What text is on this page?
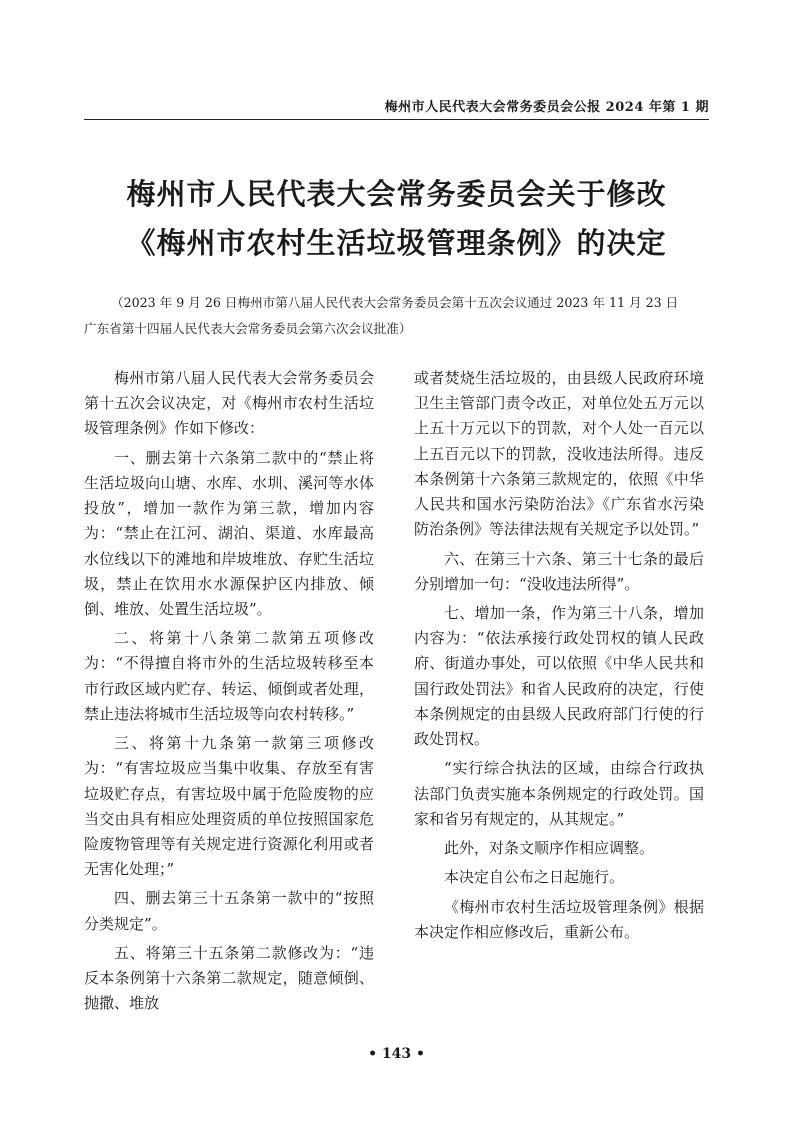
梅州市人民代表大会常务委员会公报 2024 年第 1 期
梅州市人民代表大会常务委员会关于修改
《梅州市农村生活垃圾管理条例》的决定
（2023 年 9 月 26 日梅州市第八届人民代表大会常务委员会第十五次会议通过 2023 年 11 月 23 日
广东省第十四届人民代表大会常务委员会第六次会议批准）

梅州市第八届人民代表大会常务委员会第十五次会议决定，对《梅州市农村生活垃圾管理条例》作如下修改：

一、删去第十六条第二款中的“禁止将生活垃圾向山塘、水库、水圳、溪河等水体投放”，增加一款作为第三款，增加内容为：“禁止在江河、湖泊、渠道、水库最高水位线以下的滩地和岸坡堆放、存贮生活垃圾，禁止在饮用水水源保护区内排放、倾倒、堆放、处置生活垃圾”。

二、将第十八条第二款第五项修改为：“不得擅自将市外的生活垃圾转移至本市行政区域内贮存、转运、倾倒或者处理，禁止违法将城市生活垃圾等向农村转移。”

三、将第十九条第一款第三项修改为：“有害垃圾应当集中收集、存放至有害垃圾贮存点，有害垃圾中属于危险废物的应当交由具有相应处理资质的单位按照国家危险废物管理等有关规定进行资源化利用或者无害化处理；”

四、删去第三十五条第一款中的“按照分类规定”。

五、将第三十五条第二款修改为：“违反本条例第十六条第二款规定，随意倾倒、抛撒、堆放

或者焚烧生活垃圾的，由县级人民政府环境卫生主管部门责令改正，对单位处五万元以上五十万元以下的罚款，对个人处一百元以上五百元以下的罚款，没收违法所得。违反本条例第十六条第三款规定的，依照《中华人民共和国水污染防治法》《广东省水污染防治条例》等法律法规有关规定予以处罚。”

六、在第三十六条、第三十七条的最后分别增加一句：“没收违法所得”。

七、增加一条，作为第三十八条，增加内容为：“依法承接行政处罚权的镇人民政府、街道办事处，可以依照《中华人民共和国行政处罚法》和省人民政府的决定，行使本条例规定的由县级人民政府部门行使的行政处罚权。

“实行综合执法的区域，由综合行政执法部门负责实施本条例规定的行政处罚。国家和省另有规定的，从其规定。”

此外，对条文顺序作相应调整。

本决定自公布之日起施行。

《梅州市农村生活垃圾管理条例》根据本决定作相应修改后，重新公布。

• 143 •
